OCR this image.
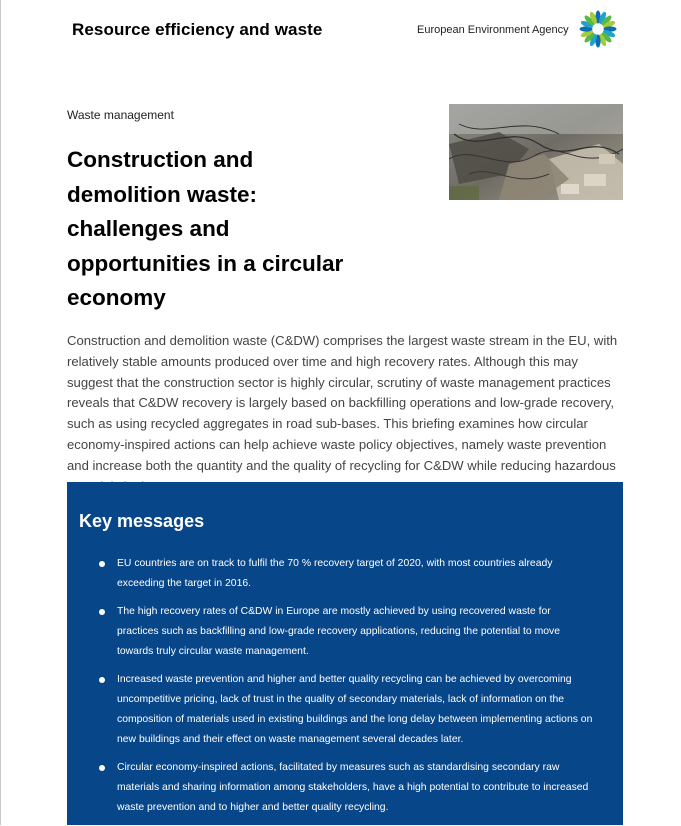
Resource efficiency and waste	European Environment Agency
Waste management
Construction and
demolition waste:
challenges and
opportunities in a circular
economy

Construction and demolition waste (C&DW) comprises the largest waste stream in the EU, with relatively stable amounts produced over time and high recovery rates. Although this may suggest that the construction sector is highly circular, scrutiny of waste management practices reveals that C&DW recovery is largely based on backfilling operations and low-grade recovery, such as using recycled aggregates in road sub-bases. This briefing examines how circular economy-inspired actions can help achieve waste policy objectives, namely waste prevention and increase both the quantity and the quality of recycling for C&DW while reducing hazardous

Key messages
EU countries are on track to fulfil the 70 % recovery target of 2020, with most countries already exceeding the target in 2016.
The high recovery rates of C&DW in Europe are mostly achieved by using recovered waste for practices such as backfilling and low-grade recovery applications, reducing the potential to move towards truly circular waste management.
Increased waste prevention and higher and better quality recycling can be achieved by overcoming uncompetitive pricing, lack of trust in the quality of secondary materials, lack of information on the composition of materials used in existing buildings and the long delay between implementing actions on new buildings and their effect on waste management several decades later.
Circular economy-inspired actions, facilitated by measures such as standardising secondary raw materials and sharing information among stakeholders, have a high potential to contribute to increased waste prevention and to higher and better quality recycling.
